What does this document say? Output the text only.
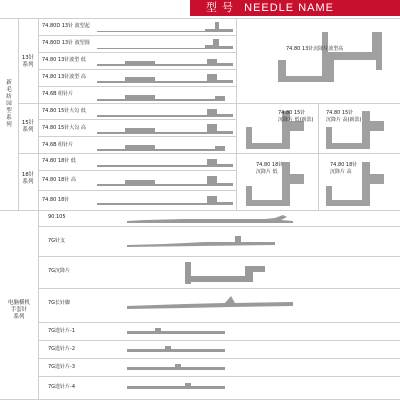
型 号 NEEDLE NAME
新
毛
纺
园
型
系
列
13针
系列
15针
系列
18针
系列
74.80D 13针 波型起
74.80D 13针 波型圆
74.80 13针波型 低
74.80 13针波型 高
74.6B 组针片
74.80 15针大勾 低
74.80 15针大勾 高
74.6B 组针片
74.80 18针 低
74.80 18针 高
74.80 18针
74.80 13针沉降片波型高
74.80 15针
沉降片 低(新款)
74.80 15针
沉降片 高(新款)
74.80 18针
沉降片 低
74.80 18针
沉降片 高
电脑横机
手套针
系列
90.105
7G针支
7G沉降片
7G长针脚
7G选针片-1
7G选针片-2
7G选针片-3
7G选针片-4
